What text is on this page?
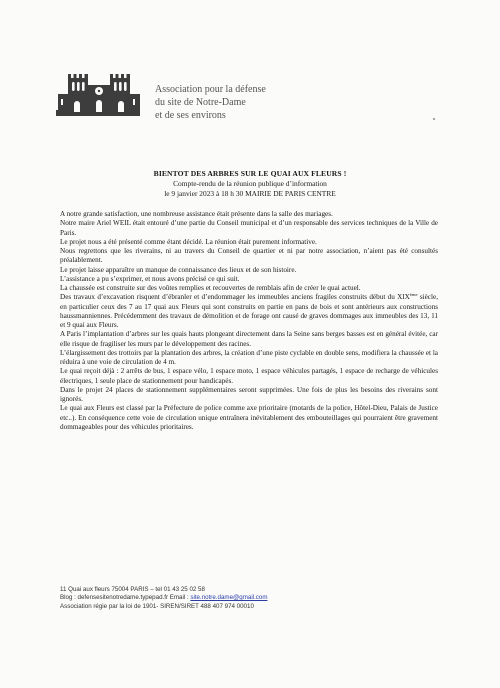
Association pour la défense
du site de Notre-Dame
et de ses environs
BIENTOT DES ARBRES SUR LE QUAI AUX FLEURS !
Compte-rendu de la réunion publique d’information
le 9 janvier 2023 à 18 h 30 MAIRIE DE PARIS CENTRE

A notre grande satisfaction, une nombreuse assistance était présente dans la salle des mariages.

Notre maire Ariel WEIL était entouré d’une partie du Conseil municipal et d’un responsable des services techniques de la Ville de Paris.

Le projet nous a été présenté comme étant décidé. La réunion était purement informative.

Nous regrettons que les riverains, ni au travers du Conseil de quartier et ni par notre association, n’aient pas été consultés préalablement.

Le projet laisse apparaître un manque de connaissance des lieux et de son histoire.

L’assistance a pu s’exprimer, et nous avons précisé ce qui suit.

La chaussée est construite sur des voûtes remplies et recouvertes de remblais afin de créer le quai actuel.

Des travaux d’excavation risquent d’ébranler et d’endommager les immeubles anciens fragiles construits début du XIXème siècle, en particulier ceux des 7 au 17 quai aux Fleurs qui sont construits en partie en pans de bois et sont antérieurs aux constructions haussmanniennes. Précédemment des travaux de démolition et de forage ont causé de graves dommages aux immeubles des 13, 11 et 9 quai aux Fleurs.

A Paris l’implantation d’arbres sur les quais hauts plongeant directement dans la Seine sans berges basses est en général évitée, car elle risque de fragiliser les murs par le développement des racines.

L’élargissement des trottoirs par la plantation des arbres, la création d’une piste cyclable en double sens, modifiera la chaussée et la réduira à une voie de circulation de 4 m.

Le quai reçoit déjà : 2 arrêts de bus, 1 espace vélo, 1 espace moto, 1 espace véhicules partagés, 1 espace de recharge de véhicules électriques, 1 seule place de stationnement pour handicapés.

Dans le projet 24 places de stationnement supplémentaires seront supprimées. Une fois de plus les besoins des riverains sont ignorés.

Le quai aux Fleurs est classé par la Préfecture de police comme axe prioritaire (motards de la police, Hôtel-Dieu, Palais de Justice etc..). En conséquence cette voie de circulation unique entraînera inévitablement des embouteillages qui pourraient être gravement dommageables pour des véhicules prioritaires.

11 Quai aux fleurs 75004 PARIS – tel 01 43 25 02 58
Blog : defensesitenotredame.typepad.fr Email : site.notre.dame@gmail.com
Association régie par la loi de 1901- SIREN/SIRET 488 407 974 00010
